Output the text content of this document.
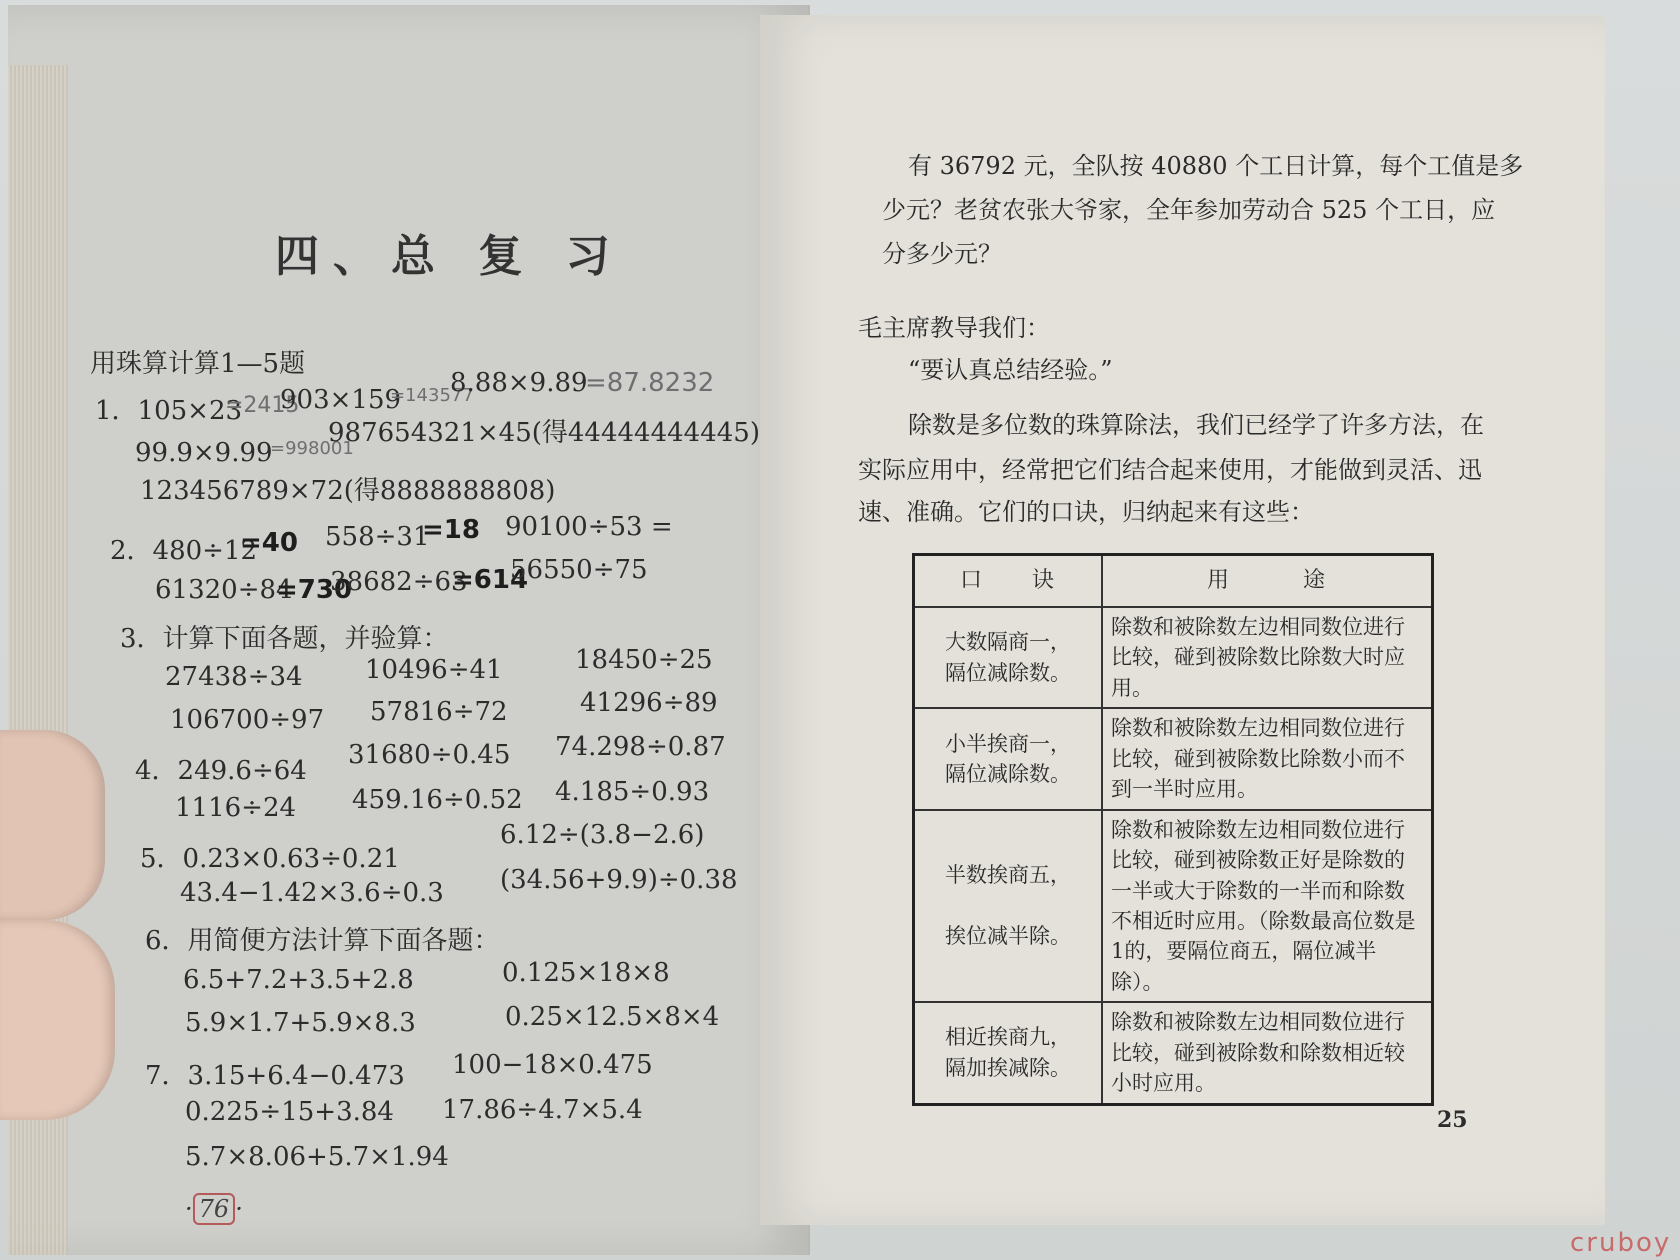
四、总 复 习
用珠算计算1—5题
1．105×23
=2415
903×159
=143577
8.88×9.89
=87.8232
99.9×9.99
=998001
987654321×45(得44444444445)
123456789×72(得8888888808)
2．480÷12
=40 558÷31
=18 90100÷53 =
61320÷84
=730
38682÷63
=614
56550÷75
3．计算下面各题，并验算：
27438÷34 10496÷41	18450÷25
106700÷97 57816÷72	41296÷89
4．249.6÷64
31680÷0.45 74.298÷0.87
1116÷24 459.16÷0.52 4.185÷0.93
5．0.23×0.63÷0.21
6.12÷(3.8−2.6)
43.4−1.42×3.6÷0.3 (34.56+9.9)÷0.38
6．用简便方法计算下面各题：
6.5+7.2+3.5+2.8	0.125×18×8
5.9×1.7+5.9×8.3	0.25×12.5×8×4
7．3.15+6.4−0.473 100−18×0.475
0.225÷15+3.84 17.86÷4.7×5.4
5.7×8.06+5.7×1.94
· 76 ·
有 36792 元，全队按 40880 个工日计算，每个工值是多
少元？老贫农张大爷家，全年参加劳动合 525 个工日，应
分多少元？
毛主席教导我们：
“要认真总结经验。”
除数是多位数的珠算除法，我们已经学了许多方法，在
实际应用中，经常把它们结合起来使用，才能做到灵活、迅
速、准确。它们的口诀，归纳起来有这些：
口　　诀	用　　　途
大数隔商一，
隔位减除数。	除数和被除数左边相同数位进行比较，碰到被除数比除数大时应用。
小半挨商一，
隔位减除数。	除数和被除数左边相同数位进行比较，碰到被除数比除数小而不到一半时应用。
半数挨商五，

挨位减半除。	除数和被除数左边相同数位进行比较，碰到被除数正好是除数的一半或大于除数的一半而和除数不相近时应用。（除数最高位数是1的，要隔位商五，隔位减半除）。
相近挨商九，
隔加挨减除。	除数和被除数左边相同数位进行比较，碰到被除数和除数相近较小时应用。
25
cruboy
